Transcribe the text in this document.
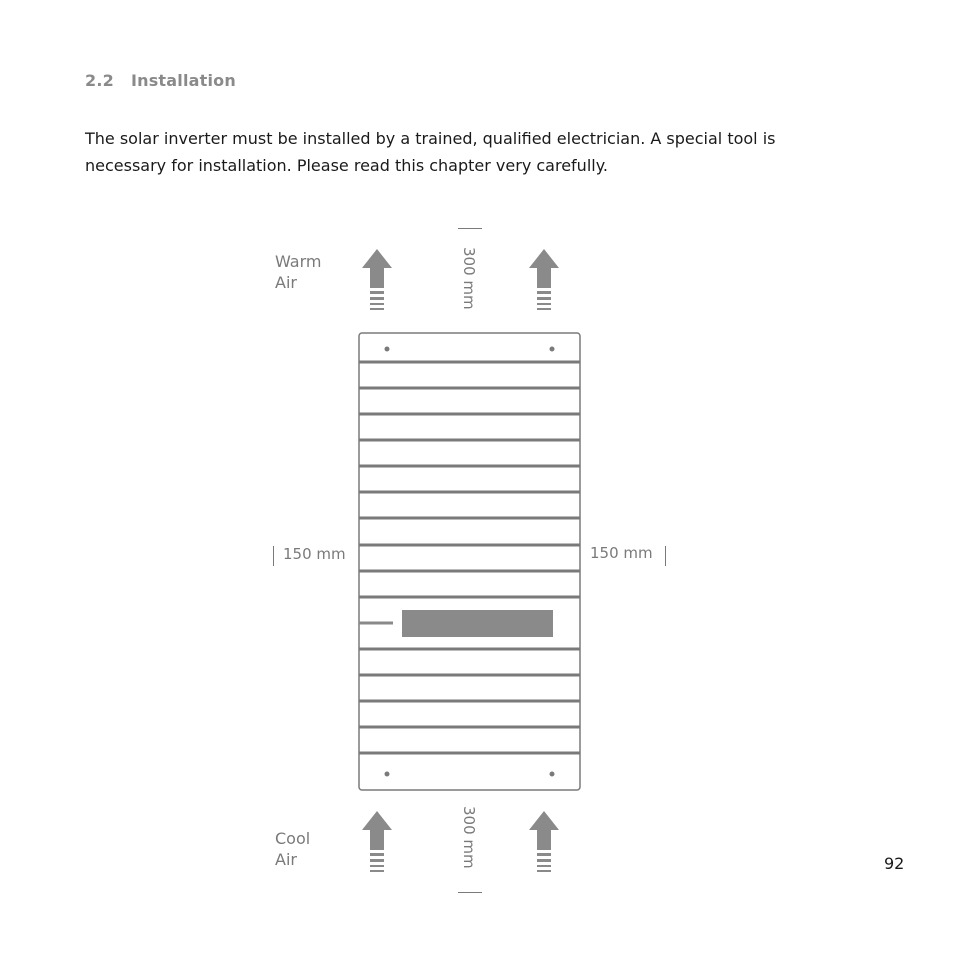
2.2 Installation

The solar inverter must be installed by a trained, qualified electrician. A special tool is

necessary for installation. Please read this chapter very carefully.

Warm
Air
Cool
Air
300 mm
300 mm
150 mm	150 mm
92
